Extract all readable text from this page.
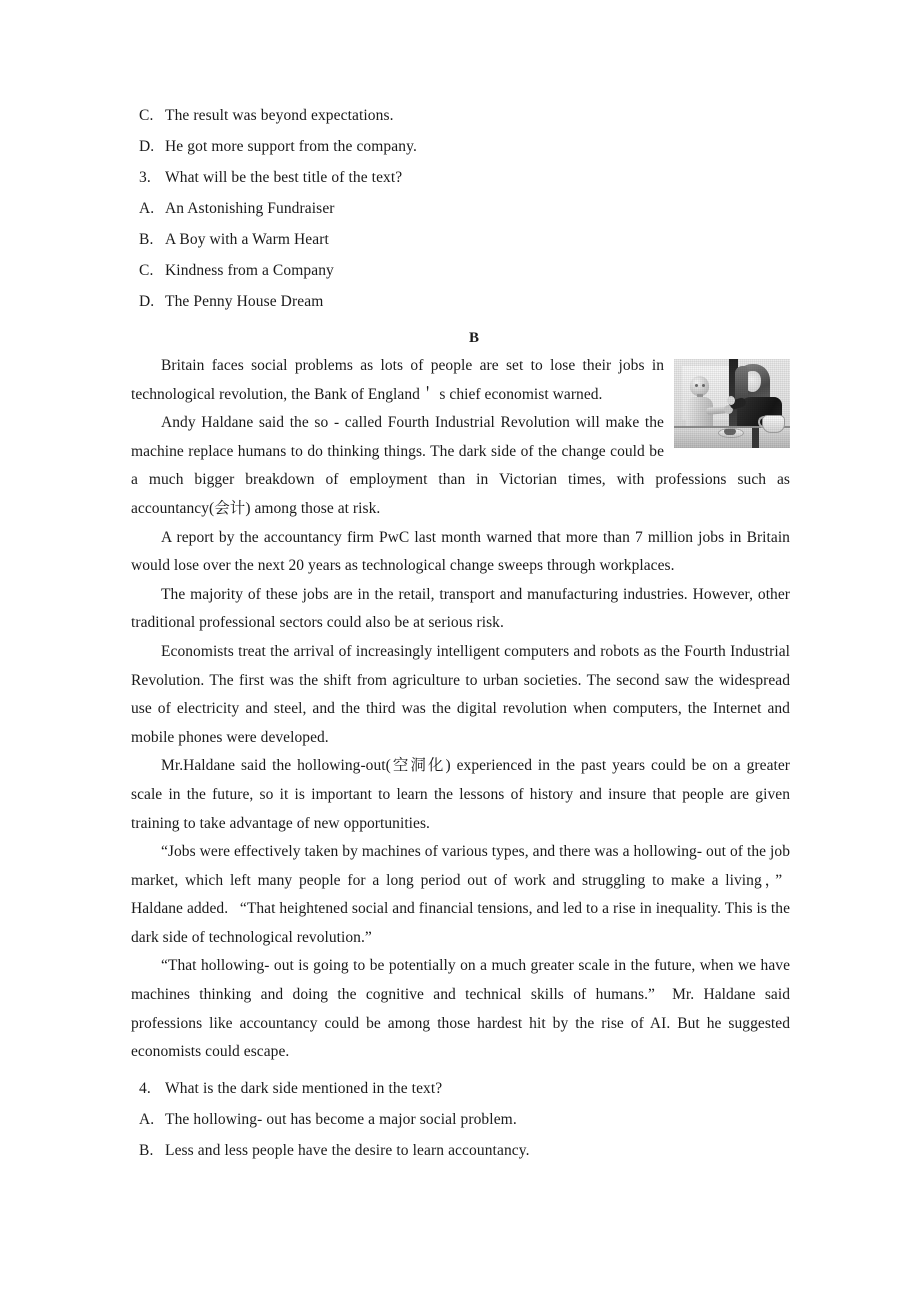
C. The result was beyond expectations.
D. He got more support from the company.
3. What will be the best title of the text?
A. An Astonishing Fundraiser
B. A Boy with a Warm Heart
C. Kindness from a Company
D. The Penny House Dream
B

Britain faces social problems as lots of people are set to lose their jobs in technological revolution, the Bank of England＇ s chief economist warned.

Andy Haldane said the so - called Fourth Industrial Revolution will make the machine replace humans to do thinking things. The dark side of the change could be a much bigger breakdown of employment than in Victorian times, with professions such as accountancy(会计) among those at risk.

A report by the accountancy firm PwC last month warned that more than 7 million jobs in Britain would lose over the next 20 years as technological change sweeps through workplaces.

The majority of these jobs are in the retail, transport and manufacturing industries. However, other traditional professional sectors could also be at serious risk.

Economists treat the arrival of increasingly intelligent computers and robots as the Fourth Industrial Revolution. The first was the shift from agriculture to urban societies. The second saw the widespread use of electricity and steel, and the third was the digital revolution when computers, the Internet and mobile phones were developed.

Mr.Haldane said the hollowing-out(空洞化) experienced in the past years could be on a greater scale in the future, so it is important to learn the lessons of history and insure that people are given training to take advantage of new opportunities.

“Jobs were effectively taken by machines of various types, and there was a hollowing- out of the job market, which left many people for a long period out of work and struggling to make a living，”  Haldane added.  “That heightened social and financial tensions, and led to a rise in inequality. This is the dark side of technological revolution.”

“That hollowing- out is going to be potentially on a much greater scale in the future, when we have machines thinking and doing the cognitive and technical skills of humans.”  Mr. Haldane said professions like accountancy could be among those hardest hit by the rise of AI. But he suggested economists could escape.

4. What is the dark side mentioned in the text?
A. The hollowing- out has become a major social problem.
B. Less and less people have the desire to learn accountancy.
